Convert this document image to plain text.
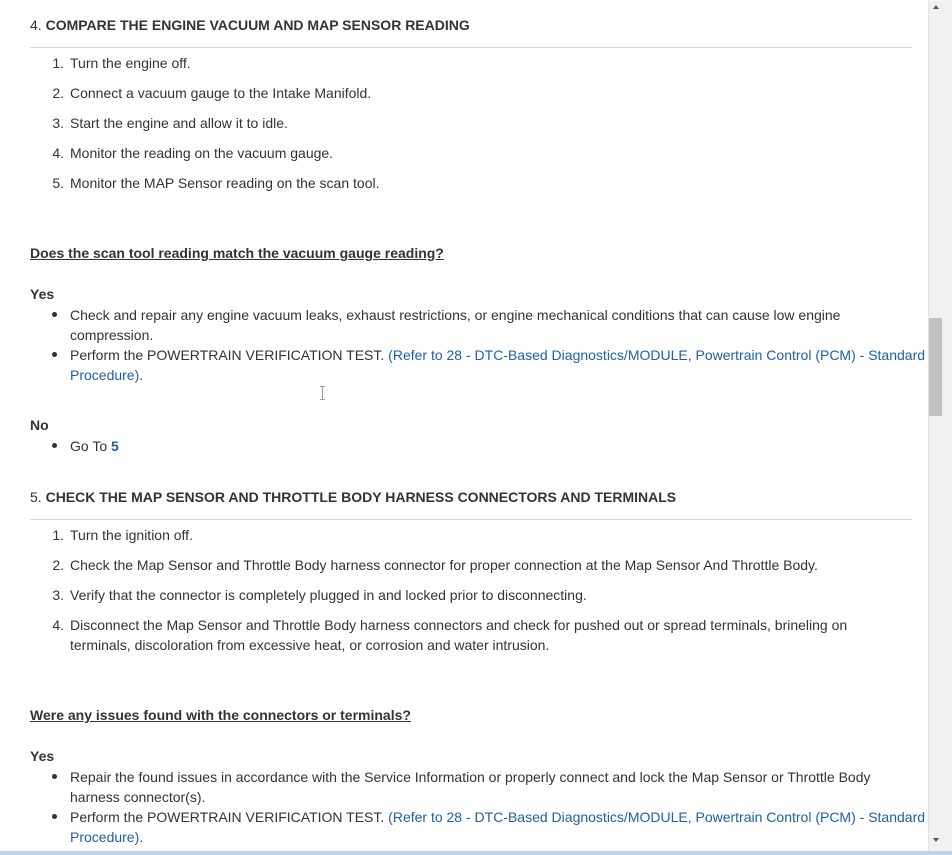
4. COMPARE THE ENGINE VACUUM AND MAP SENSOR READING
1. Turn the engine off.
2. Connect a vacuum gauge to the Intake Manifold.
3. Start the engine and allow it to idle.
4. Monitor the reading on the vacuum gauge.
5. Monitor the MAP Sensor reading on the scan tool.
Does the scan tool reading match the vacuum gauge reading?
Yes
Check and repair any engine vacuum leaks, exhaust restrictions, or engine mechanical conditions that can cause low engine
compression.
Perform the POWERTRAIN VERIFICATION TEST. (Refer to 28 - DTC-Based Diagnostics/MODULE, Powertrain Control (PCM) - Standard
Procedure).
No
Go To 5
5. CHECK THE MAP SENSOR AND THROTTLE BODY HARNESS CONNECTORS AND TERMINALS
1. Turn the ignition off.
2. Check the Map Sensor and Throttle Body harness connector for proper connection at the Map Sensor And Throttle Body.
3. Verify that the connector is completely plugged in and locked prior to disconnecting.
4. Disconnect the Map Sensor and Throttle Body harness connectors and check for pushed out or spread terminals, brineling on
terminals, discoloration from excessive heat, or corrosion and water intrusion.
Were any issues found with the connectors or terminals?
Yes
Repair the found issues in accordance with the Service Information or properly connect and lock the Map Sensor or Throttle Body
harness connector(s).
Perform the POWERTRAIN VERIFICATION TEST. (Refer to 28 - DTC-Based Diagnostics/MODULE, Powertrain Control (PCM) - Standard
Procedure).
